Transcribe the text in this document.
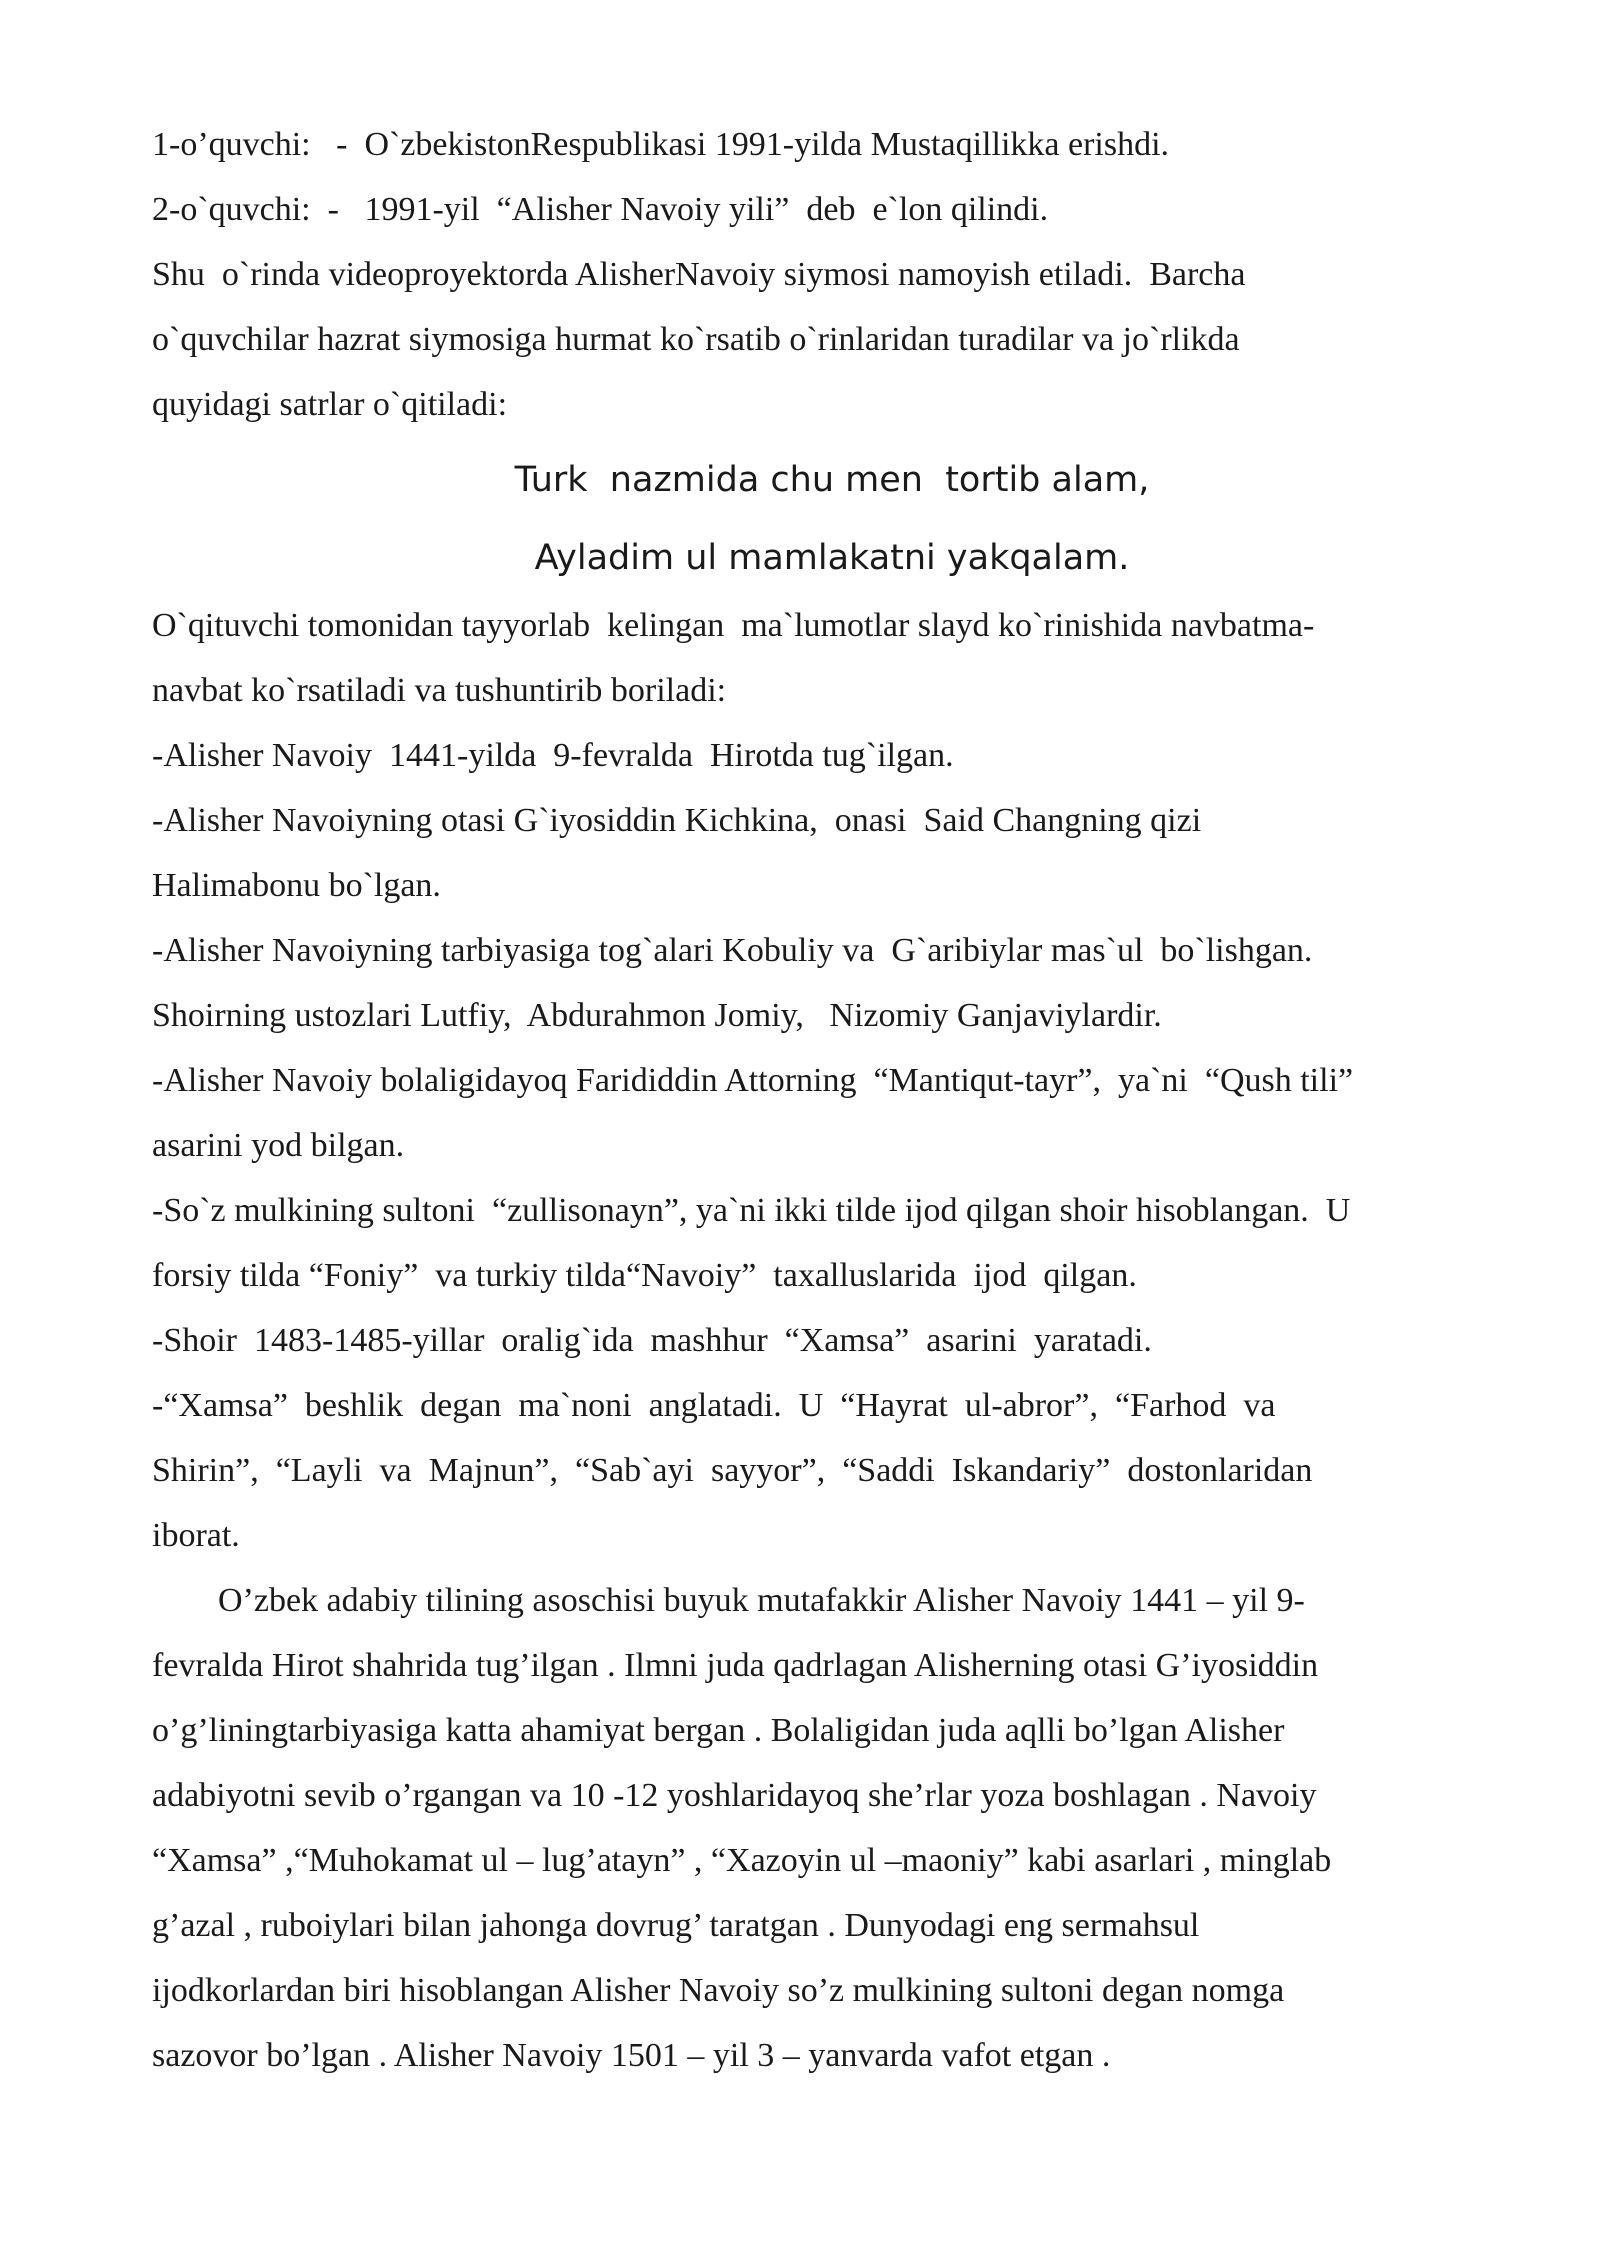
1-o’quvchi:   -  O`zbekistonRespublikasi 1991-yilda Mustaqillikka erishdi.
2-o`quvchi:  -   1991-yil  “Alisher Navoiy yili”  deb  e`lon qilindi.
Shu  o`rinda videoproyektorda AlisherNavoiy siymosi namoyish etiladi.  Barcha
o`quvchilar hazrat siymosiga hurmat ko`rsatib o`rinlaridan turadilar va jo`rlikda
quyidagi satrlar o`qitiladi:
Turk  nazmida chu men  tortib alam,
Ayladim ul mamlakatni yakqalam.
O`qituvchi tomonidan tayyorlab  kelingan  ma`lumotlar slayd ko`rinishida navbatma-
navbat ko`rsatiladi va tushuntirib boriladi:
-Alisher Navoiy  1441-yilda  9-fevralda  Hirotda tug`ilgan.
-Alisher Navoiyning otasi G`iyosiddin Kichkina,  onasi  Said Changning qizi
Halimabonu bo`lgan.
-Alisher Navoiyning tarbiyasiga tog`alari Kobuliy va  G`aribiylar mas`ul  bo`lishgan.
Shoirning ustozlari Lutfiy,  Abdurahmon Jomiy,   Nizomiy Ganjaviylardir.
-Alisher Navoiy bolaligidayoq Farididdin Attorning  “Mantiqut-tayr”,  ya`ni  “Qush tili”
asarini yod bilgan.
-So`z mulkining sultoni  “zullisonayn”, ya`ni ikki tilde ijod qilgan shoir hisoblangan.  U
forsiy tilda “Foniy”  va turkiy tilda“Navoiy”  taxalluslarida  ijod  qilgan.
-Shoir  1483-1485-yillar  oralig`ida  mashhur  “Xamsa”  asarini  yaratadi.
-“Xamsa”  beshlik  degan  ma`noni  anglatadi.  U  “Hayrat  ul-abror”,  “Farhod  va
Shirin”,  “Layli  va  Majnun”,  “Sab`ayi  sayyor”,  “Saddi  Iskandariy”  dostonlaridan
iborat.
O’zbek adabiy tilining asoschisi buyuk mutafakkir Alisher Navoiy 1441 – yil 9-
fevralda Hirot shahrida tug’ilgan . Ilmni juda qadrlagan Alisherning otasi G’iyosiddin
o’g’liningtarbiyasiga katta ahamiyat bergan . Bolaligidan juda aqlli bo’lgan Alisher
adabiyotni sevib o’rgangan va 10 -12 yoshlaridayoq she’rlar yoza boshlagan . Navoiy
“Xamsa” ,“Muhokamat ul – lug’atayn” , “Xazoyin ul –maoniy” kabi asarlari , minglab
g’azal , ruboiylari bilan jahonga dovrug’ taratgan . Dunyodagi eng sermahsul
ijodkorlardan biri hisoblangan Alisher Navoiy so’z mulkining sultoni degan nomga
sazovor bo’lgan . Alisher Navoiy 1501 – yil 3 – yanvarda vafot etgan .
